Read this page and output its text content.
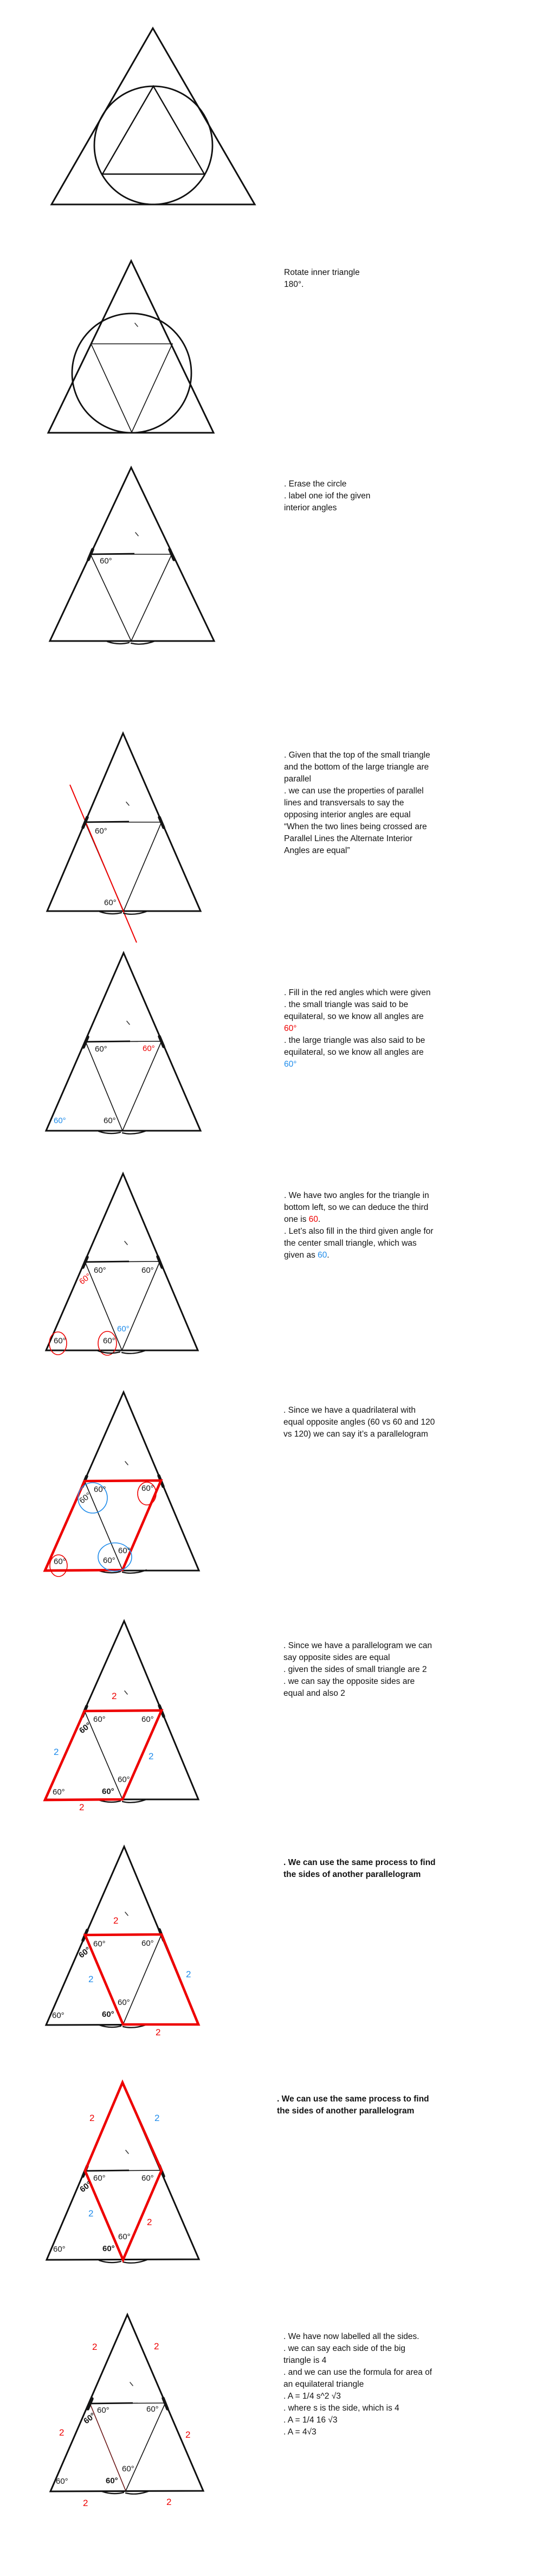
60°
60°
60°
60°	60°
60°	60°
60°
60°
60°
60°
60°	60°
60°
60°
60°
60°
60°
60°
60°
60°
60°
60°
60°
60°
2
2	2
2
60°
60°
60°
60°
60°
60°
2
2
2
2
60°
60°
60°
60°
60°
60°
2	2
2
2
60°
60°
60°
60°
60°
60°
2	2
2	2
2	2
Rotate inner triangle
180°.
. Erase the circle
. label one iof the given
interior angles
. Given that the top of the small triangle
and the bottom of the large triangle are
parallel
. we can use the properties of parallel
lines and transversals to say the
opposing interior angles are equal
“When the two lines being crossed are
Parallel Lines the Alternate Interior
Angles are equal”
. Fill in the red angles which were given
. the small triangle was said to be
equilateral, so we know all angles are
60°
. the large triangle was also said to be
equilateral, so we know all angles are
60°
. We have two angles for the triangle in
bottom left, so we can deduce the third
one is 60.
. Let’s also fill in the third given angle for
the center small triangle, which was
given as 60.
. Since we have a quadrilateral with
equal opposite angles (60 vs 60 and 120
vs 120) we can say it’s a parallelogram
. Since we have a parallelogram we can
say opposite sides are equal
. given the sides of small triangle are 2
. we can say the opposite sides are
equal and also 2
. We can use the same process to find
the sides of another parallelogram
. We can use the same process to find
the sides of another parallelogram
. We have now labelled all the sides.
. we can say each side of the big
triangle is 4
. and we can use the formula for area of
an equilateral triangle
. A = 1/4 s^2 √3
. where s is the side, which is 4
. A = 1/4 16 √3
. A = 4√3
